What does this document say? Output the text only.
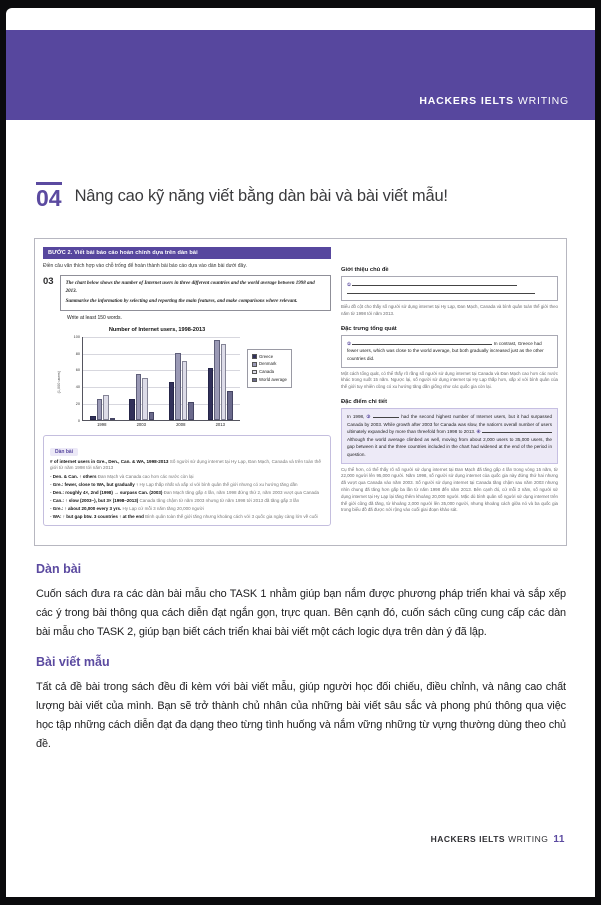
HACKERS IELTS WRITING
04 Nâng cao kỹ năng viết bằng dàn bài và bài viết mẫu!
BƯỚC 2. Viết bài báo cáo hoàn chỉnh dựa trên dàn bài
Điền câu văn thích hợp vào chỗ trống để hoàn thành bài báo cáo dựa vào dàn bài dưới đây.
03 The chart below shows the number of Internet users in three different countries and the world average between 1998 and 2013.

Summarise the information by selecting and reporting the main features, and make comparisons where relevant.

Write at least 150 words.
Number of Internet users, 1998-2013
(1,000 users)
0
20
40
60
80
100
1998	2003	2008	2013
Greece
Denmark
Canada
World average
Dàn bài
# of internet users in Gre., Den., Can. & WA, 1998-2013 Số người sử dụng internet tại Hy Lạp, Đan Mạch, Canada và trên toàn thế giới từ năm 1998 tới năm 2013
- Den. & Can. ↑ others Đan Mạch và Canada cao hơn các nước còn lại
- Gre.: fewer, close to WA, but gradually ↑ Hy Lạp thấp nhất và xấp xỉ với bình quân thế giới nhưng có xu hướng tăng dần
- Den.: roughly 4×, 2nd (1998) → surpass Can. (2003) Đan Mạch tăng gấp 4 lần, năm 1998 đứng thứ 2, năm 2003 vượt qua Canada
- Can.: ↑ slow (2003~), but 3× (1998–2013) Canada tăng chậm từ năm 2003 nhưng từ năm 1998 tới 2013 đã tăng gấp 3 lần
- Gre.: ↑ about 20,000 every 3 yrs. Hy Lạp cứ mỗi 3 năm tăng 20,000 người
- WA: ↑ but gap btw. 3 countries ↑ at the end Bình quân toàn thế giới tăng nhưng khoảng cách với 3 quốc gia ngày càng lớn về cuối
Giới thiệu chủ đề
①
Biểu đồ cột cho thấy số người sử dụng internet tại Hy Lạp, Đan Mạch, Canada và bình quân toàn thế giới theo năm từ 1998 tới năm 2013.
Đặc trưng tổng quát
②	In contrast, Greece had fewer users, which was close to the world average, but both gradually increased just as the other countries did.
Một cách tổng quát, có thể thấy rõ rằng số người sử dụng internet tại Canada và Đan Mạch cao hơn các nước khác trong suốt 15 năm. Ngược lại, số người sử dụng internet tại Hy Lạp thấp hơn, xấp xỉ với bình quân của thế giới tuy nhiên cũng có xu hướng tăng dần giống như các quốc gia còn lại.
Đặc điểm chi tiết
In 1998, ③	had the second highest number of Internet users, but it had surpassed Canada by 2003. While growth after 2003 for Canada was slow, the nation's overall number of users ultimately expanded by more than threefold from 1998 to 2013. ④  Although the world average climbed as well, moving from about 2,000 users to 35,000 users, the gap between it and the three countries included in the chart had widened at the end of the period in question.
Cụ thể hơn, có thể thấy rõ số người sử dụng internet tại Đan Mạch đã tăng gấp 4 lần trong vòng 15 năm, từ 22,000 người lên 95,000 người. Năm 1998, số người sử dụng internet của quốc gia này đứng thứ hai nhưng đã vượt qua Canada vào năm 2003. Số người sử dụng internet tại Canada tăng chậm sau năm 2003 nhưng nhìn chung đã tăng hơn gấp ba lần từ năm 1998 đến năm 2013. Bên cạnh đó, cứ mỗi 3 năm, số người sử dụng internet tại Hy Lạp lại tăng thêm khoảng 20,000 người. Mặc dù bình quân số người sử dụng internet trên thế giới cũng đã tăng, từ khoảng 2,000 người lên 35,000 người, nhưng khoảng cách giữa nó và ba quốc gia trong biểu đồ đã được nới rộng vào cuối giai đoạn khảo sát.
Dàn bài

Cuốn sách đưa ra các dàn bài mẫu cho TASK 1 nhằm giúp bạn nắm được phương pháp triển khai và sắp xếp các ý trong bài thông qua cách diễn đạt ngắn gọn, trực quan. Bên cạnh đó, cuốn sách cũng cung cấp các dàn bài mẫu cho TASK 2, giúp bạn biết cách triển khai bài viết một cách logic dựa trên dàn ý đã lập.

Bài viết mẫu

Tất cả đề bài trong sách đều đi kèm với bài viết mẫu, giúp người học đối chiếu, điều chỉnh, và nâng cao chất lượng bài viết của mình. Bạn sẽ trở thành chủ nhân của những bài viết sâu sắc và phong phú thông qua việc học tập những cách diễn đạt đa dạng theo từng tình huống và nắm vững những từ vựng thường dùng theo chủ đề.

HACKERS IELTS WRITING 11
